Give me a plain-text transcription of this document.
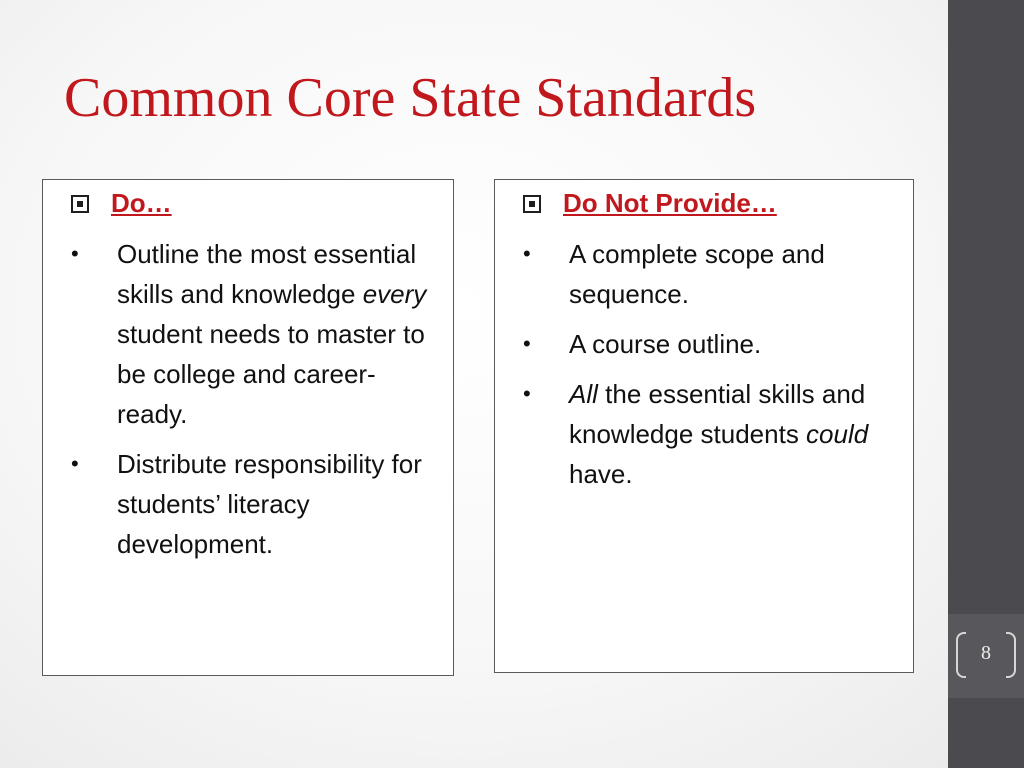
8
Common Core State Standards
Do…
•	Outline the most essential skills and knowledge every student needs to master to be college and career-ready.
•	Distribute responsibility for students’ literacy development.
Do Not Provide…
•	A complete scope and sequence.
•	A course outline.
•	All the essential skills and knowledge students could have.
